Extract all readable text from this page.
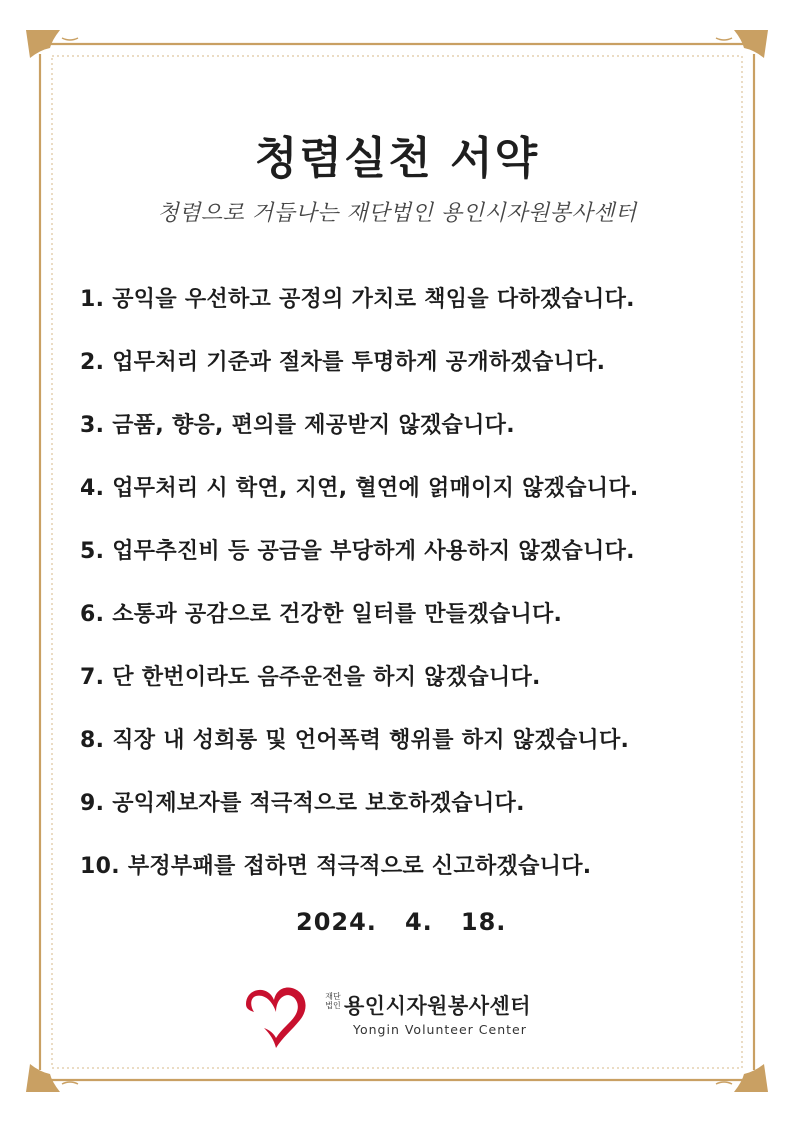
청렴실천 서약
청렴으로 거듭나는 재단법인 용인시자원봉사센터
1. 공익을 우선하고 공정의 가치로 책임을 다하겠습니다.
2. 업무처리 기준과 절차를 투명하게 공개하겠습니다.
3. 금품, 향응, 편의를 제공받지 않겠습니다.
4. 업무처리 시 학연, 지연, 혈연에 얽매이지 않겠습니다.
5. 업무추진비 등 공금을 부당하게 사용하지 않겠습니다.
6. 소통과 공감으로 건강한 일터를 만들겠습니다.
7. 단 한번이라도 음주운전을 하지 않겠습니다.
8. 직장 내 성희롱 및 언어폭력 행위를 하지 않겠습니다.
9. 공익제보자를 적극적으로 보호하겠습니다.
10. 부정부패를 접하면 적극적으로 신고하겠습니다.
2024.   4.   18.
재단
법인 용인시자원봉사센터
Yongin Volunteer Center
